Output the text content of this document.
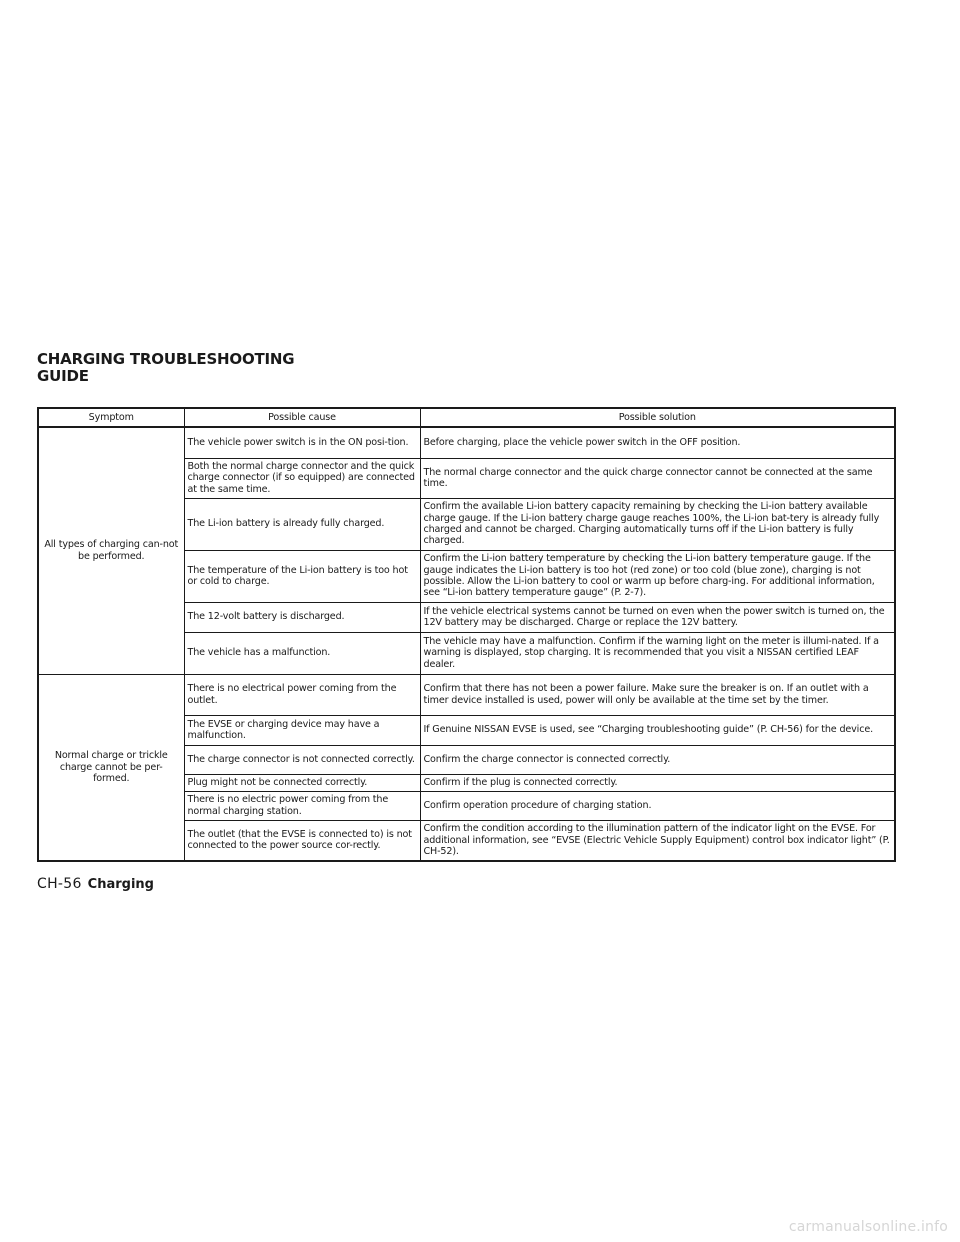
CHARGING TROUBLESHOOTING
GUIDE
Symptom	Possible cause	Possible solution
All types of charging can-not be performed.	The vehicle power switch is in the ON posi-tion.	Before charging, place the vehicle power switch in the OFF position.
	Both the normal charge connector and the quick charge connector (if so equipped) are connected at the same time.	The normal charge connector and the quick charge connector cannot be connected at the same time.
	The Li-ion battery is already fully charged.	Confirm the available Li-ion battery capacity remaining by checking the Li-ion battery available charge gauge. If the Li-ion battery charge gauge reaches 100%, the Li-ion bat-tery is already fully charged and cannot be charged. Charging automatically turns off if the Li-ion battery is fully charged.
	The temperature of the Li-ion battery is too hot or cold to charge.	Confirm the Li-ion battery temperature by checking the Li-ion battery temperature gauge. If the gauge indicates the Li-ion battery is too hot (red zone) or too cold (blue zone), charging is not possible. Allow the Li-ion battery to cool or warm up before charg-ing. For additional information, see “Li-ion battery temperature gauge” (P. 2-7).
	The 12-volt battery is discharged.	If the vehicle electrical systems cannot be turned on even when the power switch is turned on, the 12V battery may be discharged. Charge or replace the 12V battery.
	The vehicle has a malfunction.	The vehicle may have a malfunction. Confirm if the warning light on the meter is illumi-nated. If a warning is displayed, stop charging. It is recommended that you visit a NISSAN certified LEAF dealer.
Normal charge or trickle charge cannot be per-formed.	There is no electrical power coming from the outlet.	Confirm that there has not been a power failure. Make sure the breaker is on. If an outlet with a timer device installed is used, power will only be available at the time set by the timer.
	The EVSE or charging device may have a malfunction.	If Genuine NISSAN EVSE is used, see “Charging troubleshooting guide” (P. CH-56) for the device.
	The charge connector is not connected correctly.	Confirm the charge connector is connected correctly.
	Plug might not be connected correctly.	Confirm if the plug is connected correctly.
	There is no electric power coming from the normal charging station.	Confirm operation procedure of charging station.
	The outlet (that the EVSE is connected to) is not connected to the power source cor-rectly.	Confirm the condition according to the illumination pattern of the indicator light on the EVSE. For additional information, see “EVSE (Electric Vehicle Supply Equipment) control box indicator light” (P. CH-52).
CH-56 Charging
carmanualsonline.info
